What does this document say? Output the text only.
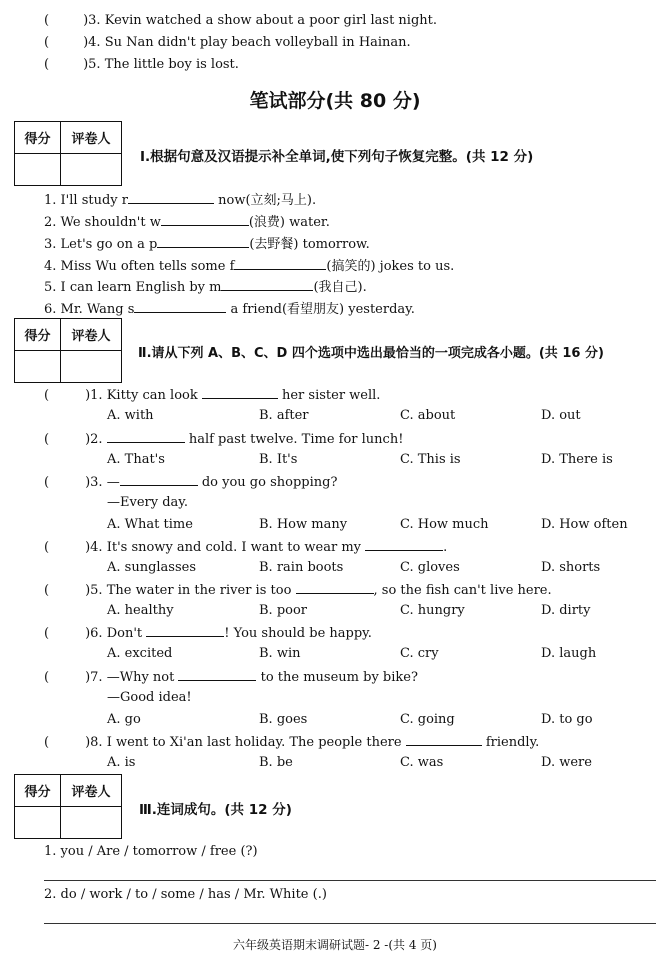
(	)3. Kevin watched a show about a poor girl last night.
(	)4. Su Nan didn't play beach volleyball in Hainan.
(	)5. The little boy is lost.
笔试部分(共 80 分)
得分	评卷人

Ⅰ.根据句意及汉语提示补全单词,使下列句子恢复完整。(共 12 分)
1. I'll study r	now(立刻;马上).
2. We shouldn't w	(浪费) water.
3. Let's go on a p	(去野餐) tomorrow.
4. Miss Wu often tells some f	(搞笑的) jokes to us.
5. I can learn English by m	(我自己).
6. Mr. Wang s	a friend(看望朋友) yesterday.
得分	评卷人

Ⅱ.请从下列 A、B、C、D 四个选项中选出最恰当的一项完成各小题。(共 16 分)
(	)1. Kitty can look	her sister well.
A. with	B. after	C. about	D. out
(	)2.	half past twelve. Time for lunch!
A. That's	B. It's	C. This is	D. There is
(	)3. —	do you go shopping?
—Every day.
A. What time	B. How many	C. How much	D. How often
(	)4. It's snowy and cold. I want to wear my	.
A. sunglasses	B. rain boots	C. gloves	D. shorts
(	)5. The water in the river is too	, so the fish can't live here.
A. healthy	B. poor	C. hungry	D. dirty
(	)6. Don't	! You should be happy.
A. excited	B. win	C. cry	D. laugh
(	)7. —Why not	to the museum by bike?
—Good idea!
A. go	B. goes	C. going	D. to go
(	)8. I went to Xi'an last holiday. The people there	friendly.
A. is	B. be	C. was	D. were
得分	评卷人

Ⅲ.连词成句。(共 12 分)
1. you / Are / tomorrow / free (?)
2. do / work / to / some / has / Mr. White (.)
六年级英语期末调研试题- 2 -(共 4 页)
